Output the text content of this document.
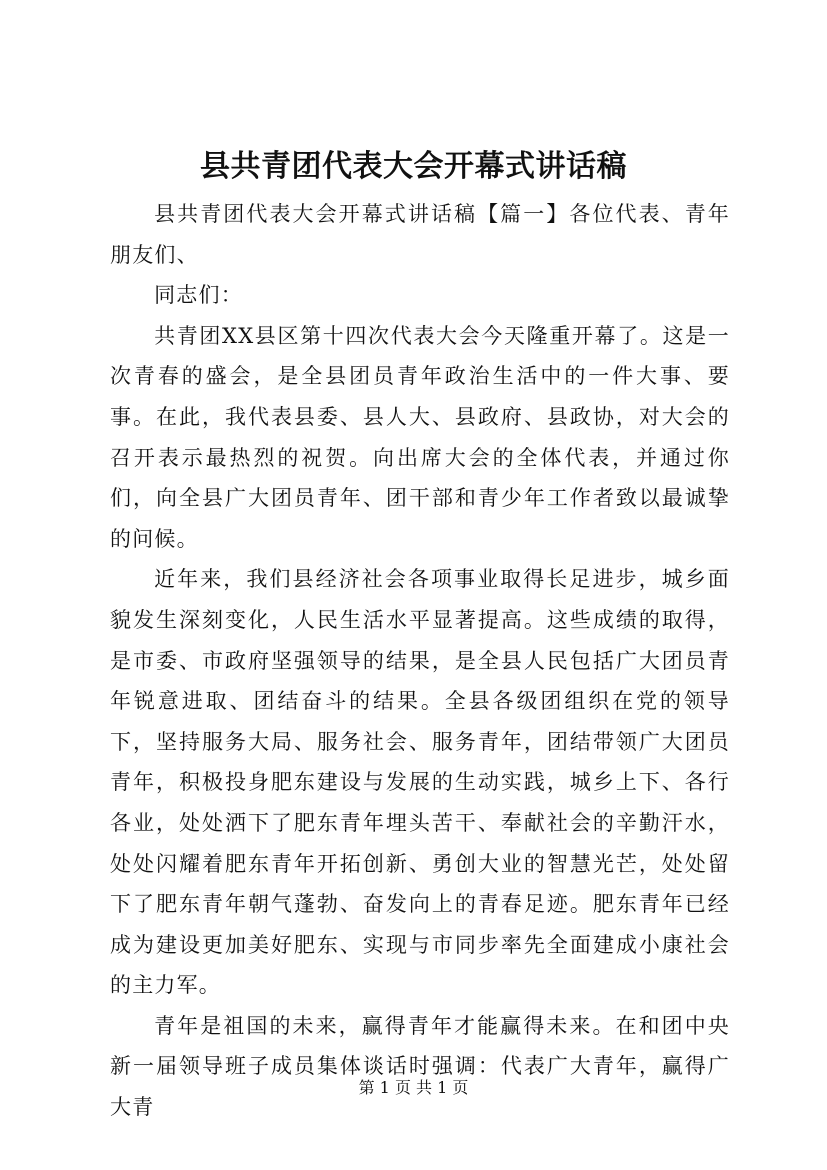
县共青团代表大会开幕式讲话稿

县共青团代表大会开幕式讲话稿【篇一】各位代表、青年朋友们、

同志们：

共青团XX县区第十四次代表大会今天隆重开幕了。这是一次青春的盛会，是全县团员青年政治生活中的一件大事、要事。在此，我代表县委、县人大、县政府、县政协，对大会的召开表示最热烈的祝贺。向出席大会的全体代表，并通过你们，向全县广大团员青年、团干部和青少年工作者致以最诚挚的问候。

近年来，我们县经济社会各项事业取得长足进步，城乡面貌发生深刻变化，人民生活水平显著提高。这些成绩的取得，是市委、市政府坚强领导的结果，是全县人民包括广大团员青年锐意进取、团结奋斗的结果。全县各级团组织在党的领导下，坚持服务大局、服务社会、服务青年，团结带领广大团员青年，积极投身肥东建设与发展的生动实践，城乡上下、各行各业，处处洒下了肥东青年埋头苦干、奉献社会的辛勤汗水，处处闪耀着肥东青年开拓创新、勇创大业的智慧光芒，处处留下了肥东青年朝气蓬勃、奋发向上的青春足迹。肥东青年已经成为建设更加美好肥东、实现与市同步率先全面建成小康社会的主力军。

青年是祖国的未来，赢得青年才能赢得未来。在和团中央新一届领导班子成员集体谈话时强调：代表广大青年，赢得广大青

第 1 页 共 1 页
